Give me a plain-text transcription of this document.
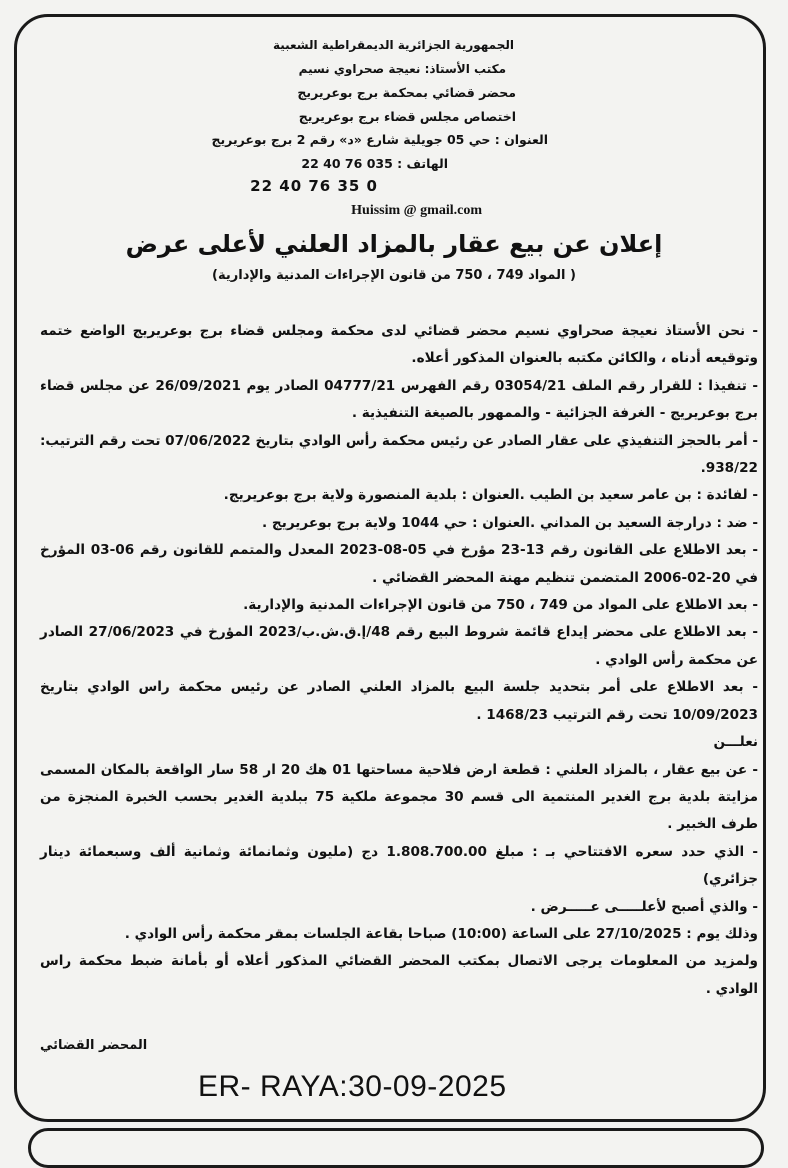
الجمهورية الجزائرية الديمقراطية الشعبية
مكتب الأستاذ: نعيجة صحراوي نسيم
محضر قضائي بمحكمة برج بوعريريج
اختصاص مجلس قضاء برج بوعريريج
العنوان : حي 05 جويلية شارع «د» رقم 2 برج بوعريريج
الهاتف : 035 76 40 22
22 40 76 35 0
Huissim @ gmail.com
إعلان عن بيع عقار بالمزاد العلني لأعلى عرض
( المواد 749 ، 750 من قانون الإجراءات المدنية والإدارية)

- نحن الأستاذ نعيجة صحراوي نسيم محضر قضائي لدى محكمة ومجلس قضاء برج بوعريريج الواضع ختمه وتوقيعه أدناه ، والكائن مكتبه بالعنوان المذكور أعلاه.

- تنفيذا : للقرار رقم الملف 03054/21 رقم الفهرس 04777/21 الصادر يوم 26/09/2021 عن مجلس قضاء برج بوعريريج - الغرفة الجزائية - والممهور بالصيغة التنفيذية .

- أمر بالحجز التنفيذي على عقار الصادر عن رئيس محكمة رأس الوادي بتاريخ 07/06/2022 تحت رقم الترتيب: 938/22.

- لفائدة : بن عامر سعيد بن الطيب .العنوان : بلدية المنصورة ولاية برج بوعريريج.

- ضد : درارجة السعيد بن المداني .العنوان : حي 1044 ولاية برج بوعريريج .

- بعد الاطلاع على القانون رقم 13-23 مؤرخ في 05-08-2023 المعدل والمتمم للقانون رقم 06-03 المؤرخ في 20-02-2006 المتضمن تنظيم مهنة المحضر القضائي .

- بعد الاطلاع على المواد من 749 ، 750 من قانون الإجراءات المدنية والإدارية.

- بعد الاطلاع على محضر إيداع قائمة شروط البيع رقم 48/إ.ق.ش.ب/2023 المؤرخ في 27/06/2023 الصادر عن محكمة رأس الوادي .

- بعد الاطلاع على أمر بتحديد جلسة البيع بالمزاد العلني الصادر عن رئيس محكمة راس الوادي بتاريخ 10/09/2023 تحت رقم الترتيب 1468/23 .

نعلـــن

- عن بيع عقار ، بالمزاد العلني : قطعة ارض فلاحية مساحتها 01 هك 20 ار 58 سار الواقعة بالمكان المسمى مزايتة بلدية برج الغدير المنتمية الى قسم 30 مجموعة ملكية 75 ببلدية الغدير بحسب الخبرة المنجزة من طرف الخبير .

- الذي حدد سعره الافتتاحي بـ : مبلغ 1.808.700.00 دج (مليون وثمانمائة وثمانية ألف وسبعمائة دينار جزائري)

- والذي أصبح لأعلـــــى عـــــرض .

وذلك يوم : 27/10/2025 على الساعة (10:00) صباحا بقاعة الجلسات بمقر محكمة رأس الوادي .

ولمزيد من المعلومات يرجى الاتصال بمكتب المحضر القضائي المذكور أعلاه أو بأمانة ضبط محكمة راس الوادي .

المحضر القضائي
ER- RAYA:30-09-2025
